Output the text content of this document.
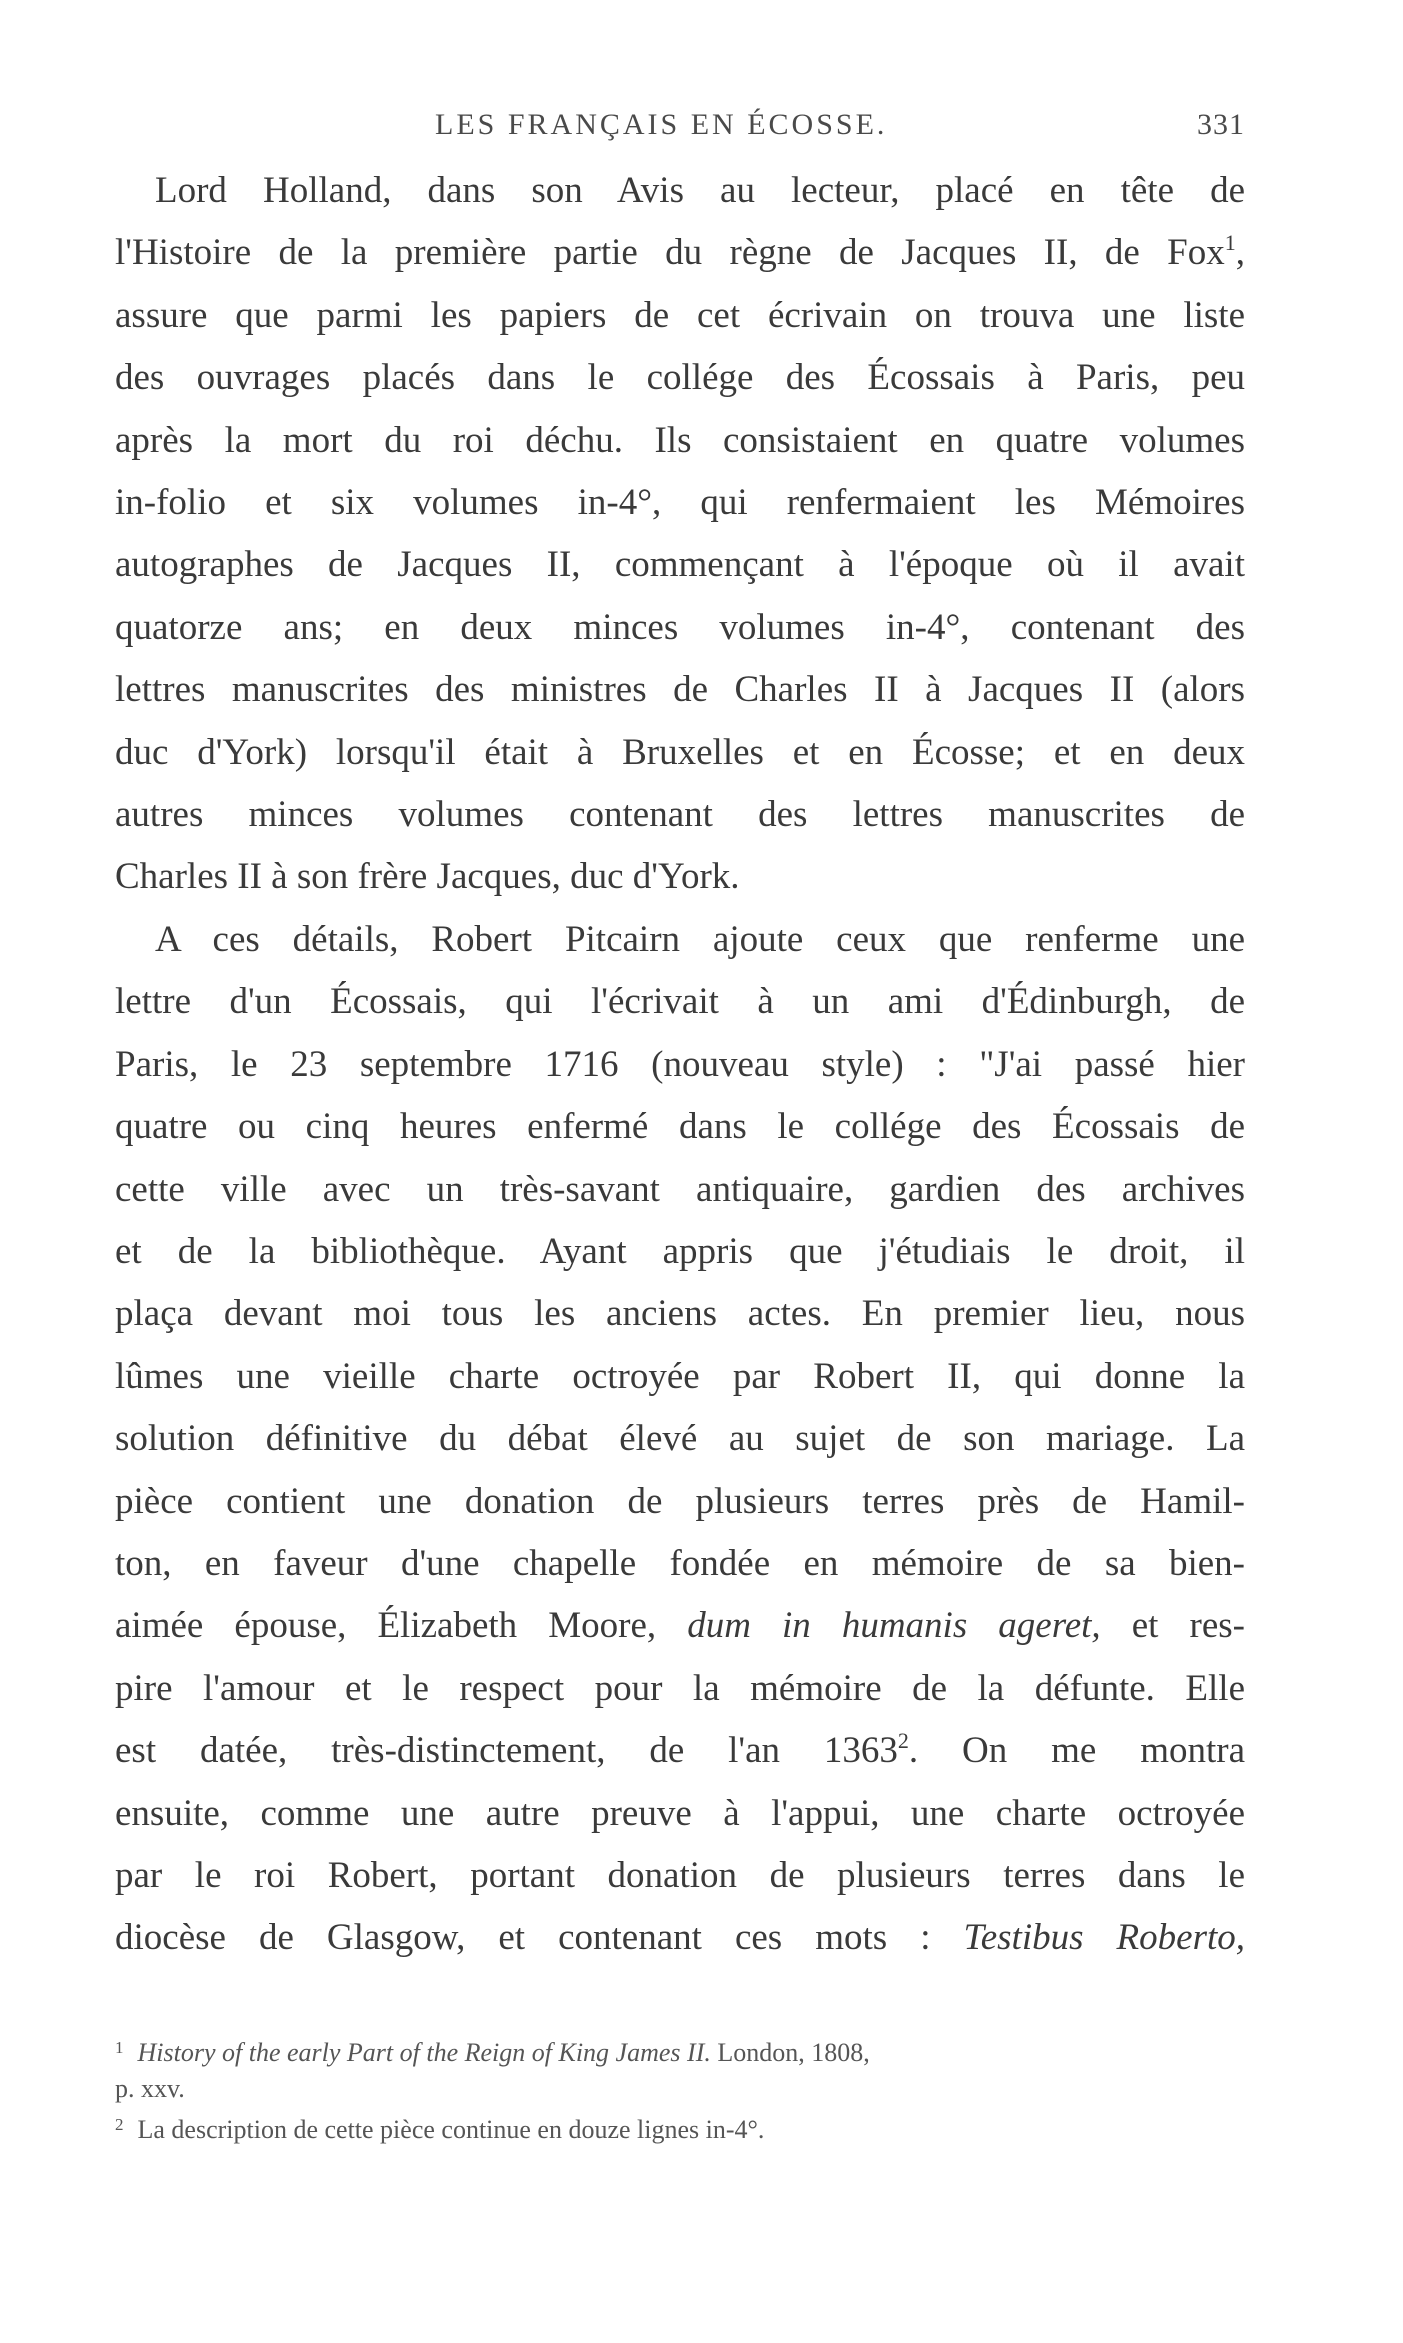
LES FRANÇAIS EN ÉCOSSE.	331
Lord Holland, dans son Avis au lecteur, placé en tête de
l'Histoire de la première partie du règne de Jacques II, de Fox$^1$,
assure que parmi les papiers de cet écrivain on trouva une liste
des ouvrages placés dans le collége des Écossais à Paris, peu
après la mort du roi déchu. Ils consistaient en quatre volumes
in-folio et six volumes in-4°, qui renfermaient les Mémoires
autographes de Jacques II, commençant à l'époque où il avait
quatorze ans; en deux minces volumes in-4°, contenant des
lettres manuscrites des ministres de Charles II à Jacques II (alors
duc d'York) lorsqu'il était à Bruxelles et en Écosse; et en deux
autres minces volumes contenant des lettres manuscrites de
Charles II à son frère Jacques, duc d'York.
A ces détails, Robert Pitcairn ajoute ceux que renferme une
lettre d'un Écossais, qui l'écrivait à un ami d'Édinburgh, de
Paris, le 23 septembre 1716 (nouveau style) : "J'ai passé hier
quatre ou cinq heures enfermé dans le collége des Écossais de
cette ville avec un très-savant antiquaire, gardien des archives
et de la bibliothèque. Ayant appris que j'étudiais le droit, il
plaça devant moi tous les anciens actes. En premier lieu, nous
lûmes une vieille charte octroyée par Robert II, qui donne la
solution définitive du débat élevé au sujet de son mariage. La
pièce contient une donation de plusieurs terres près de Hamil-
ton, en faveur d'une chapelle fondée en mémoire de sa bien-
aimée épouse, Élizabeth Moore, dum in humanis ageret, et res-
pire l'amour et le respect pour la mémoire de la défunte. Elle
est datée, très-distinctement, de l'an 1363$^2$. On me montra
ensuite, comme une autre preuve à l'appui, une charte octroyée
par le roi Robert, portant donation de plusieurs terres dans le
diocèse de Glasgow, et contenant ces mots : Testibus Roberto,
$^1$ History of the early Part of the Reign of King James II. London, 1808,
p. xxv.
$^2$ La description de cette pièce continue en douze lignes in-4°.
